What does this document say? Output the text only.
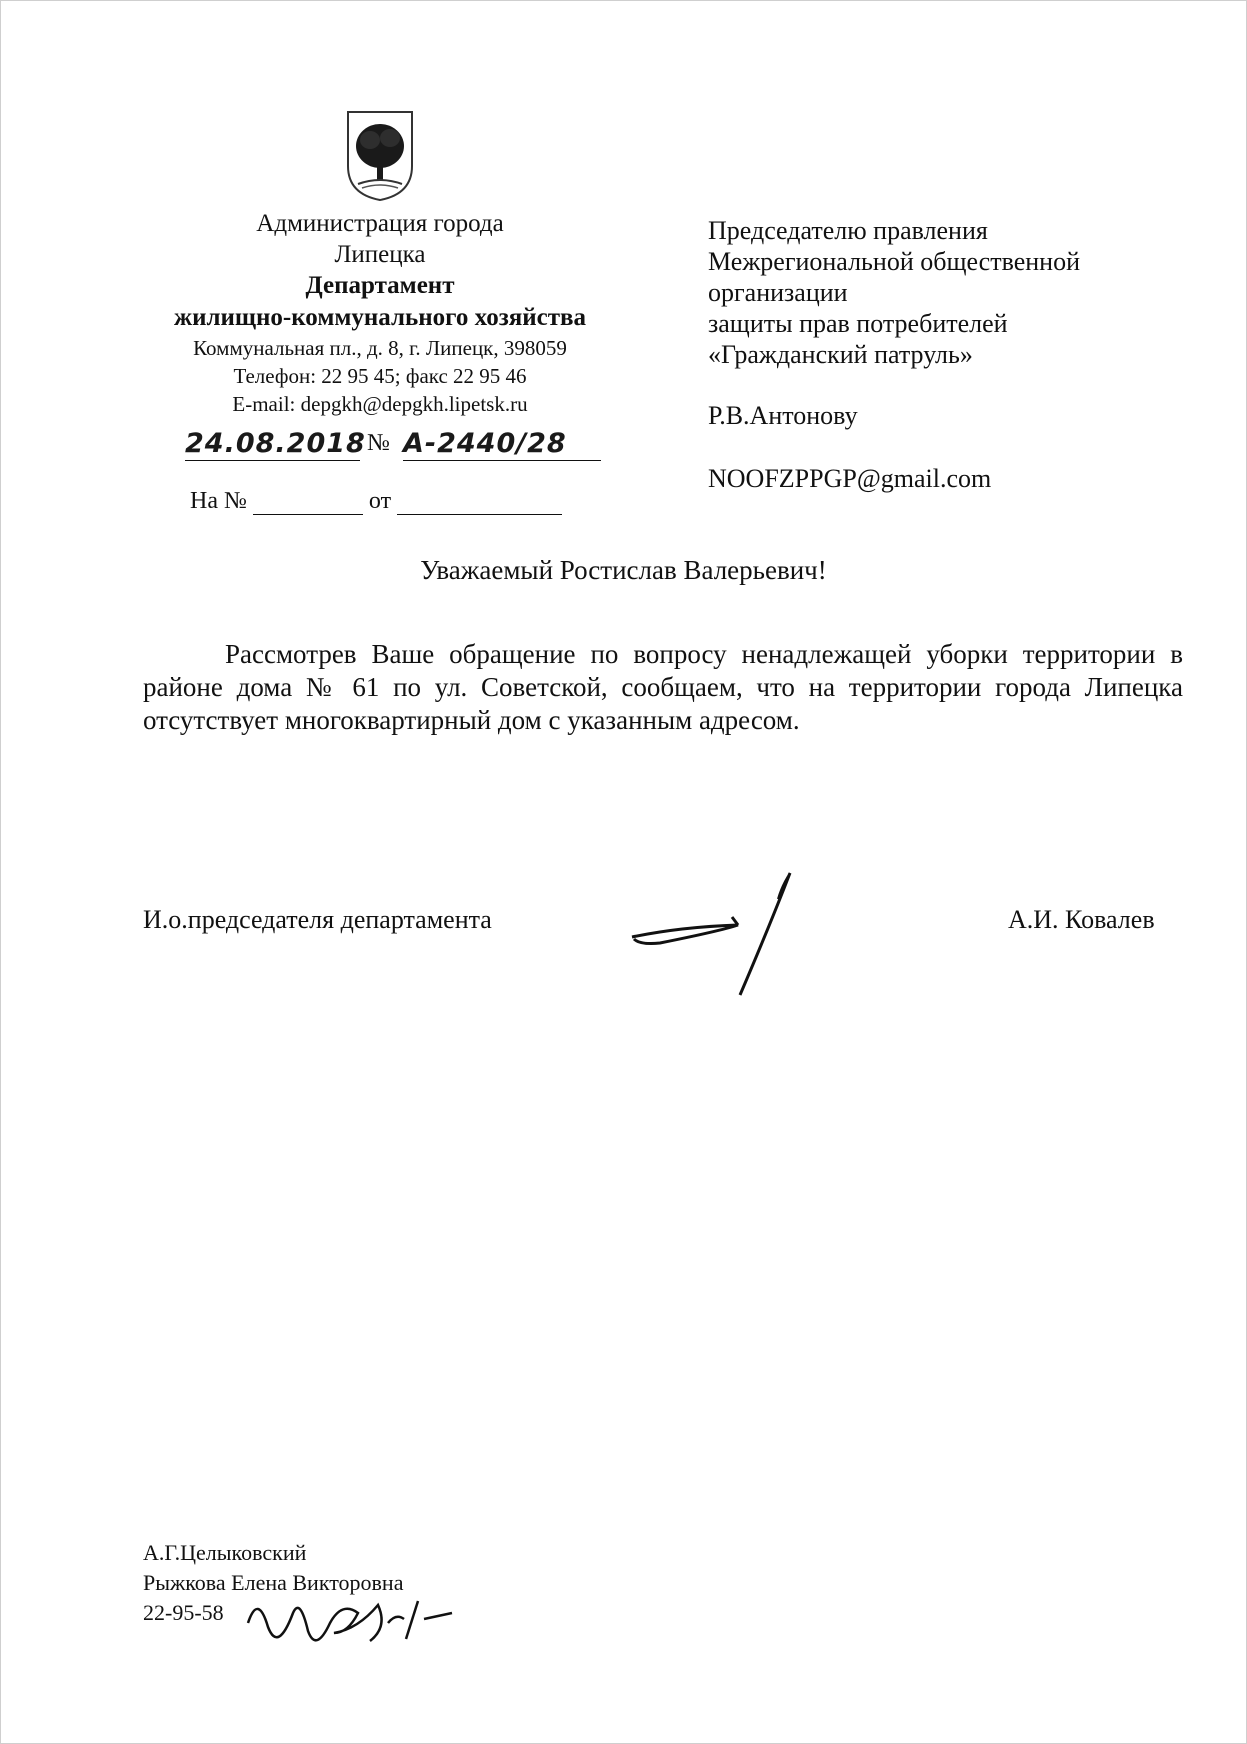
Администрация города
Липецка
Департамент
жилищно-коммунального хозяйства
Коммунальная пл., д. 8, г. Липецк, 398059
Телефон: 22 95 45; факс 22 95 46
E-mail: depgkh@depgkh.lipetsk.ru
24.08.2018 № А-2440/28
На №	от
Председателю правления
Межрегиональной общественной
организации
защиты прав потребителей
«Гражданский патруль»
Р.В.Антонову
NOOFZPPGP@gmail.com
Уважаемый Ростислав Валерьевич!
Рассмотрев Ваше обращение по вопросу ненадлежащей уборки территории в районе дома № 61 по ул. Советской, сообщаем, что на территории города Липецка отсутствует многоквартирный дом с указанным адресом.
И.о.председателя департамента	А.И. Ковалев
А.Г.Целыковский
Рыжкова Елена Викторовна
22-95-58
